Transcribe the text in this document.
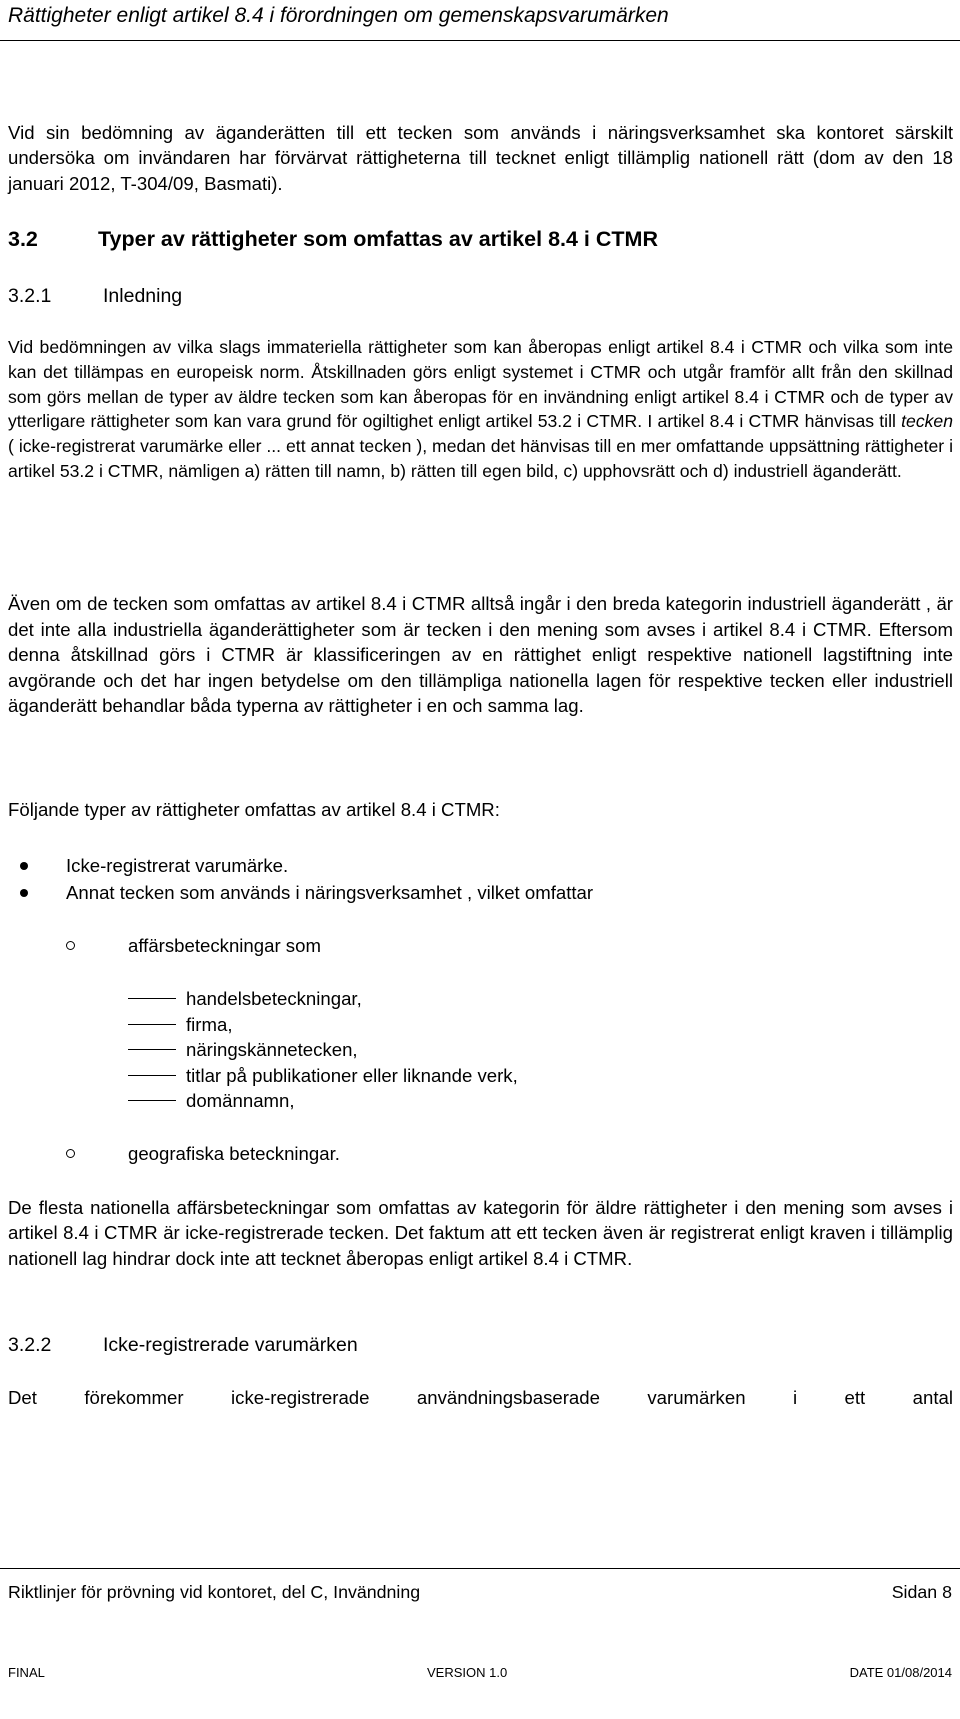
Rättigheter enligt artikel 8.4 i förordningen om gemenskapsvarumärken
Vid sin bedömning av äganderätten till ett tecken som används i näringsverksamhet ska kontoret särskilt undersöka om invändaren har förvärvat rättigheterna till tecknet enligt tillämplig nationell rätt (dom av den 18 januari 2012, T-304/09, Basmati).
3.2	Typer av rättigheter som omfattas av artikel 8.4 i CTMR
3.2.1	Inledning
Vid bedömningen av vilka slags immateriella rättigheter som kan åberopas enligt artikel 8.4 i CTMR och vilka som inte kan det tillämpas en europeisk norm. Åtskillnaden görs enligt systemet i CTMR och utgår framför allt från den skillnad som görs mellan de typer av äldre tecken som kan åberopas för en invändning enligt artikel 8.4 i CTMR och de typer av ytterligare rättigheter som kan vara grund för ogiltighet enligt artikel 53.2 i CTMR. I artikel 8.4 i CTMR hänvisas till tecken ( icke-registrerat varumärke eller ... ett annat tecken ), medan det hänvisas till en mer omfattande uppsättning rättigheter i artikel 53.2 i CTMR, nämligen a) rätten till namn, b) rätten till egen bild, c) upphovsrätt och d) industriell äganderätt.
Även om de tecken som omfattas av artikel 8.4 i CTMR alltså ingår i den breda kategorin industriell äganderätt , är det inte alla industriella äganderättigheter som är tecken i den mening som avses i artikel 8.4 i CTMR. Eftersom denna åtskillnad görs i CTMR är klassificeringen av en rättighet enligt respektive nationell lagstiftning inte avgörande och det har ingen betydelse om den tillämpliga nationella lagen för respektive tecken eller industriell äganderätt behandlar båda typerna av rättigheter i en och samma lag.
Följande typer av rättigheter omfattas av artikel 8.4 i CTMR:
Icke-registrerat varumärke.
Annat tecken som används i näringsverksamhet , vilket omfattar
affärsbeteckningar som
handelsbeteckningar,
firma,
näringskännetecken,
titlar på publikationer eller liknande verk,
domännamn,
geografiska beteckningar.
De flesta nationella affärsbeteckningar som omfattas av kategorin för äldre rättigheter i den mening som avses i artikel 8.4 i CTMR är icke-registrerade tecken. Det faktum att ett tecken även är registrerat enligt kraven i tillämplig nationell lag hindrar dock inte att tecknet åberopas enligt artikel 8.4 i CTMR.
3.2.2	Icke-registrerade varumärken
Det förekommer icke-registrerade användningsbaserade varumärken i ett antal
Riktlinjer för prövning vid kontoret, del C, Invändning	Sidan 8
FINAL	VERSION 1.0	DATE 01/08/2014
